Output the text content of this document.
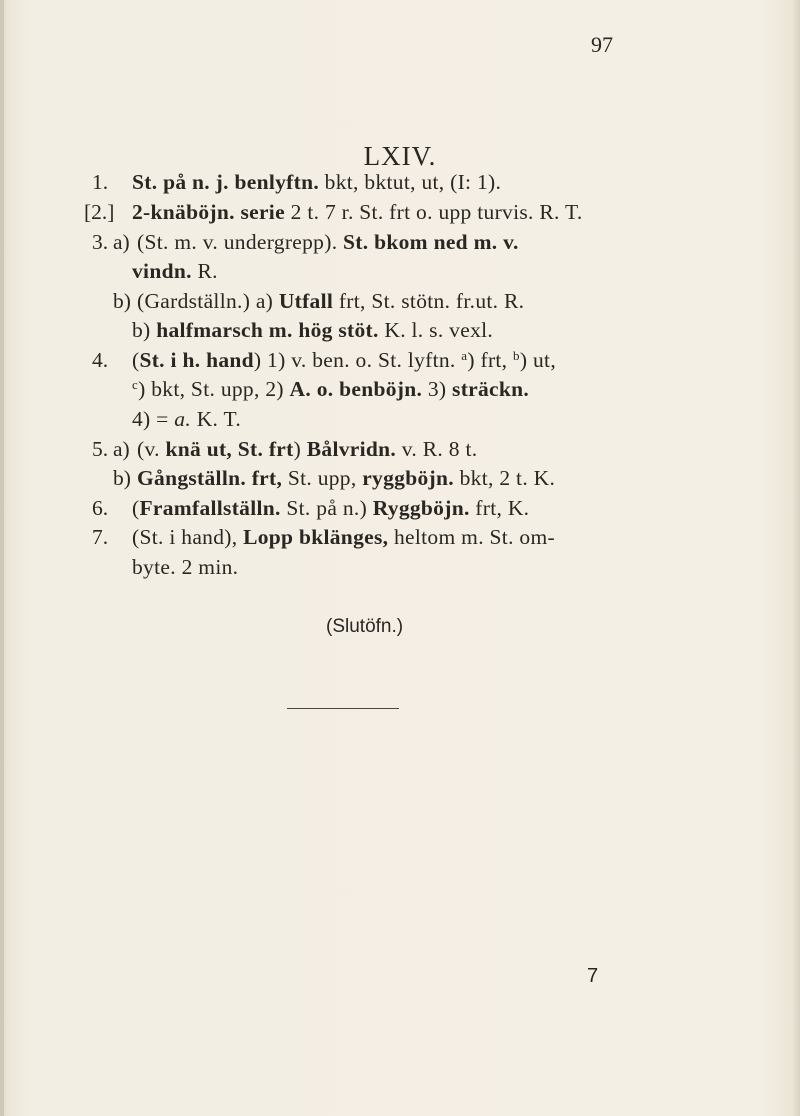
97
LXIV.
1. St. på n. j. benlyftn. bkt, bktut, ut, (I: 1).
[2.] 2-knäböjn. serie 2 t. 7 r. St. frt o. upp turvis. R. T.
3. a) (St. m. v. undergrepp). St. bkom ned m. v.
vindn. R.
b) (Gardställn.) a) Utfall frt, St. stötn. fr.ut. R.
b) halfmarsch m. hög stöt. K. l. s. vexl.
4. (St. i h. hand) 1) v. ben. o. St. lyftn. $^a$) frt, $^b$) ut,
$^c$) bkt, St. upp, 2) A. o. benböjn. 3) sträckn.
4) = a. K. T.
5. a) (v. knä ut, St. frt) Bålvridn. v. R. 8 t.
b) Gångställn. frt, St. upp, ryggböjn. bkt, 2 t. K.
6. (Framfallställn. St. på n.) Ryggböjn. frt, K.
7. (St. i hand), Lopp bklänges, heltom m. St. om-
byte. 2 min.
(Slutöfn.)
7
